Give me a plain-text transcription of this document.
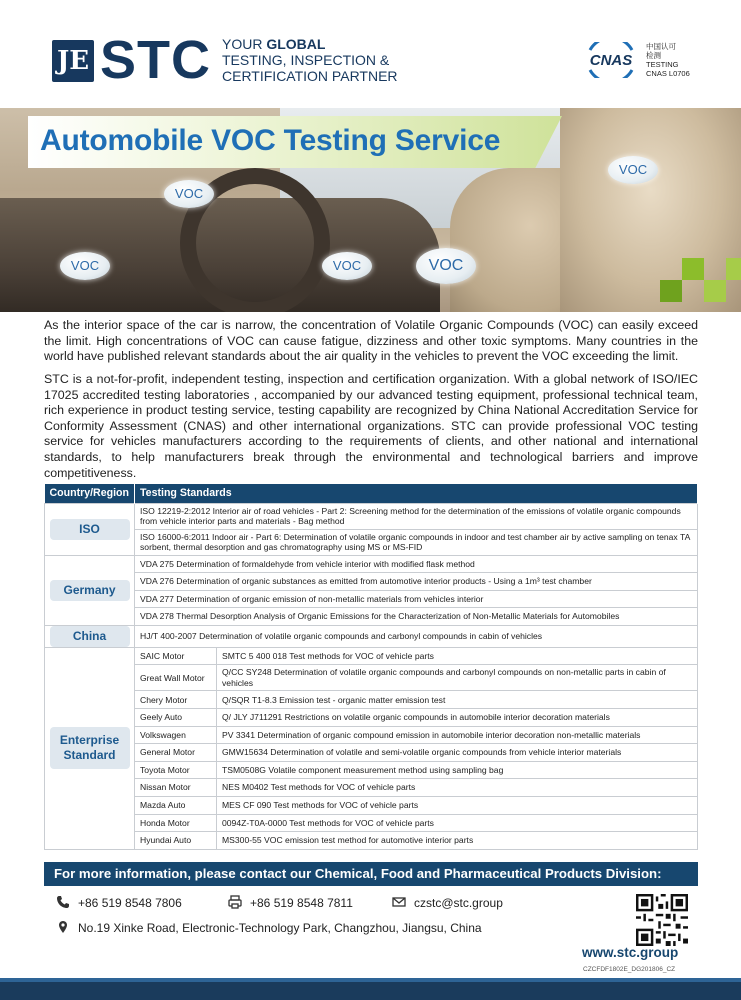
JE STC YOUR GLOBAL
TESTING, INSPECTION &
CERTIFICATION PARTNER
CNAS
中国认可
检测
TESTING
CNAS L0706
VOC
VOC	VOC	VOC
VOC
Automobile VOC Testing Service

As the interior space of the car is narrow, the concentration of Volatile Organic Compounds (VOC) can easily exceed the limit. High concentrations of VOC can cause fatigue, dizziness and other toxic symptoms. Many countries in the world have published relevant standards about the air quality in the vehicles to prevent the VOC exceeding the limit.

STC is a not-for-profit, independent testing, inspection and certification organization. With a global network of ISO/IEC 17025 accredited testing laboratories , accompanied by our advanced testing equipment, professional technical team, rich experience in product testing service, testing capability are recognized by China National Accreditation Service for Conformity Assessment (CNAS) and other international organizations. STC can provide professional VOC testing service for vehicles manufacturers according to the requirements of clients, and other national and international standards, to help manufacturers break through the environmental and technological barriers and improve competitiveness.

Country/Region	Testing Standards	
ISO	ISO 12219-2:2012 Interior air of road vehicles - Part 2: Screening method for the determination of the emissions of volatile organic compounds from vehicle interior parts and materials - Bag method	
	ISO 16000-6:2011 Indoor air - Part 6: Determination of volatile organic compounds in indoor and test chamber air by active sampling on tenax TA sorbent, thermal desorption and gas chromatography using MS or MS-FID	
Germany	VDA 275 Determination of formaldehyde from vehicle interior with modified flask method	
	VDA 276 Determination of organic substances as emitted from automotive interior products - Using a 1m³ test chamber	
	VDA 277 Determination of organic emission of non-metallic materials from vehicles interior	
	VDA 278 Thermal Desorption Analysis of Organic Emissions for the Characterization of Non-Metallic Materials for Automobiles	
China	HJ/T 400-2007 Determination of volatile organic compounds and carbonyl compounds in cabin of vehicles	
Enterprise
Standard	SAIC Motor	SMTC 5 400 018 Test methods for VOC of vehicle parts
	Great Wall Motor	Q/CC SY248 Determination of volatile organic compounds and carbonyl compounds on non-metallic parts in cabin of vehicles
	Chery Motor	Q/SQR T1-8.3 Emission test - organic matter emission test
	Geely Auto	Q/ JLY J711291 Restrictions on volatile organic compounds in automobile interior decoration materials
	Volkswagen	PV 3341 Determination of organic compound emission in automobile interior decoration non-metallic materials
	General Motor	GMW15634 Determination of volatile and semi-volatile organic compounds from vehicle interior materials
	Toyota Motor	TSM0508G Volatile component measurement method using sampling bag
	Nissan Motor	NES M0402 Test methods for VOC of vehicle parts
	Mazda Auto	MES CF 090 Test methods for VOC of vehicle parts
	Honda Motor	0094Z-T0A-0000 Test methods for VOC of vehicle parts
	Hyundai Auto	MS300-55 VOC emission test method for automotive interior parts
For more information, please contact our Chemical, Food and Pharmaceutical Products Division:
+86 519 8548 7806	+86 519 8548 7811	czstc@stc.group
No.19 Xinke Road, Electronic-Technology Park, Changzhou, Jiangsu, China
www.stc.group
CZCFDF1802E_DG201806_CZ
